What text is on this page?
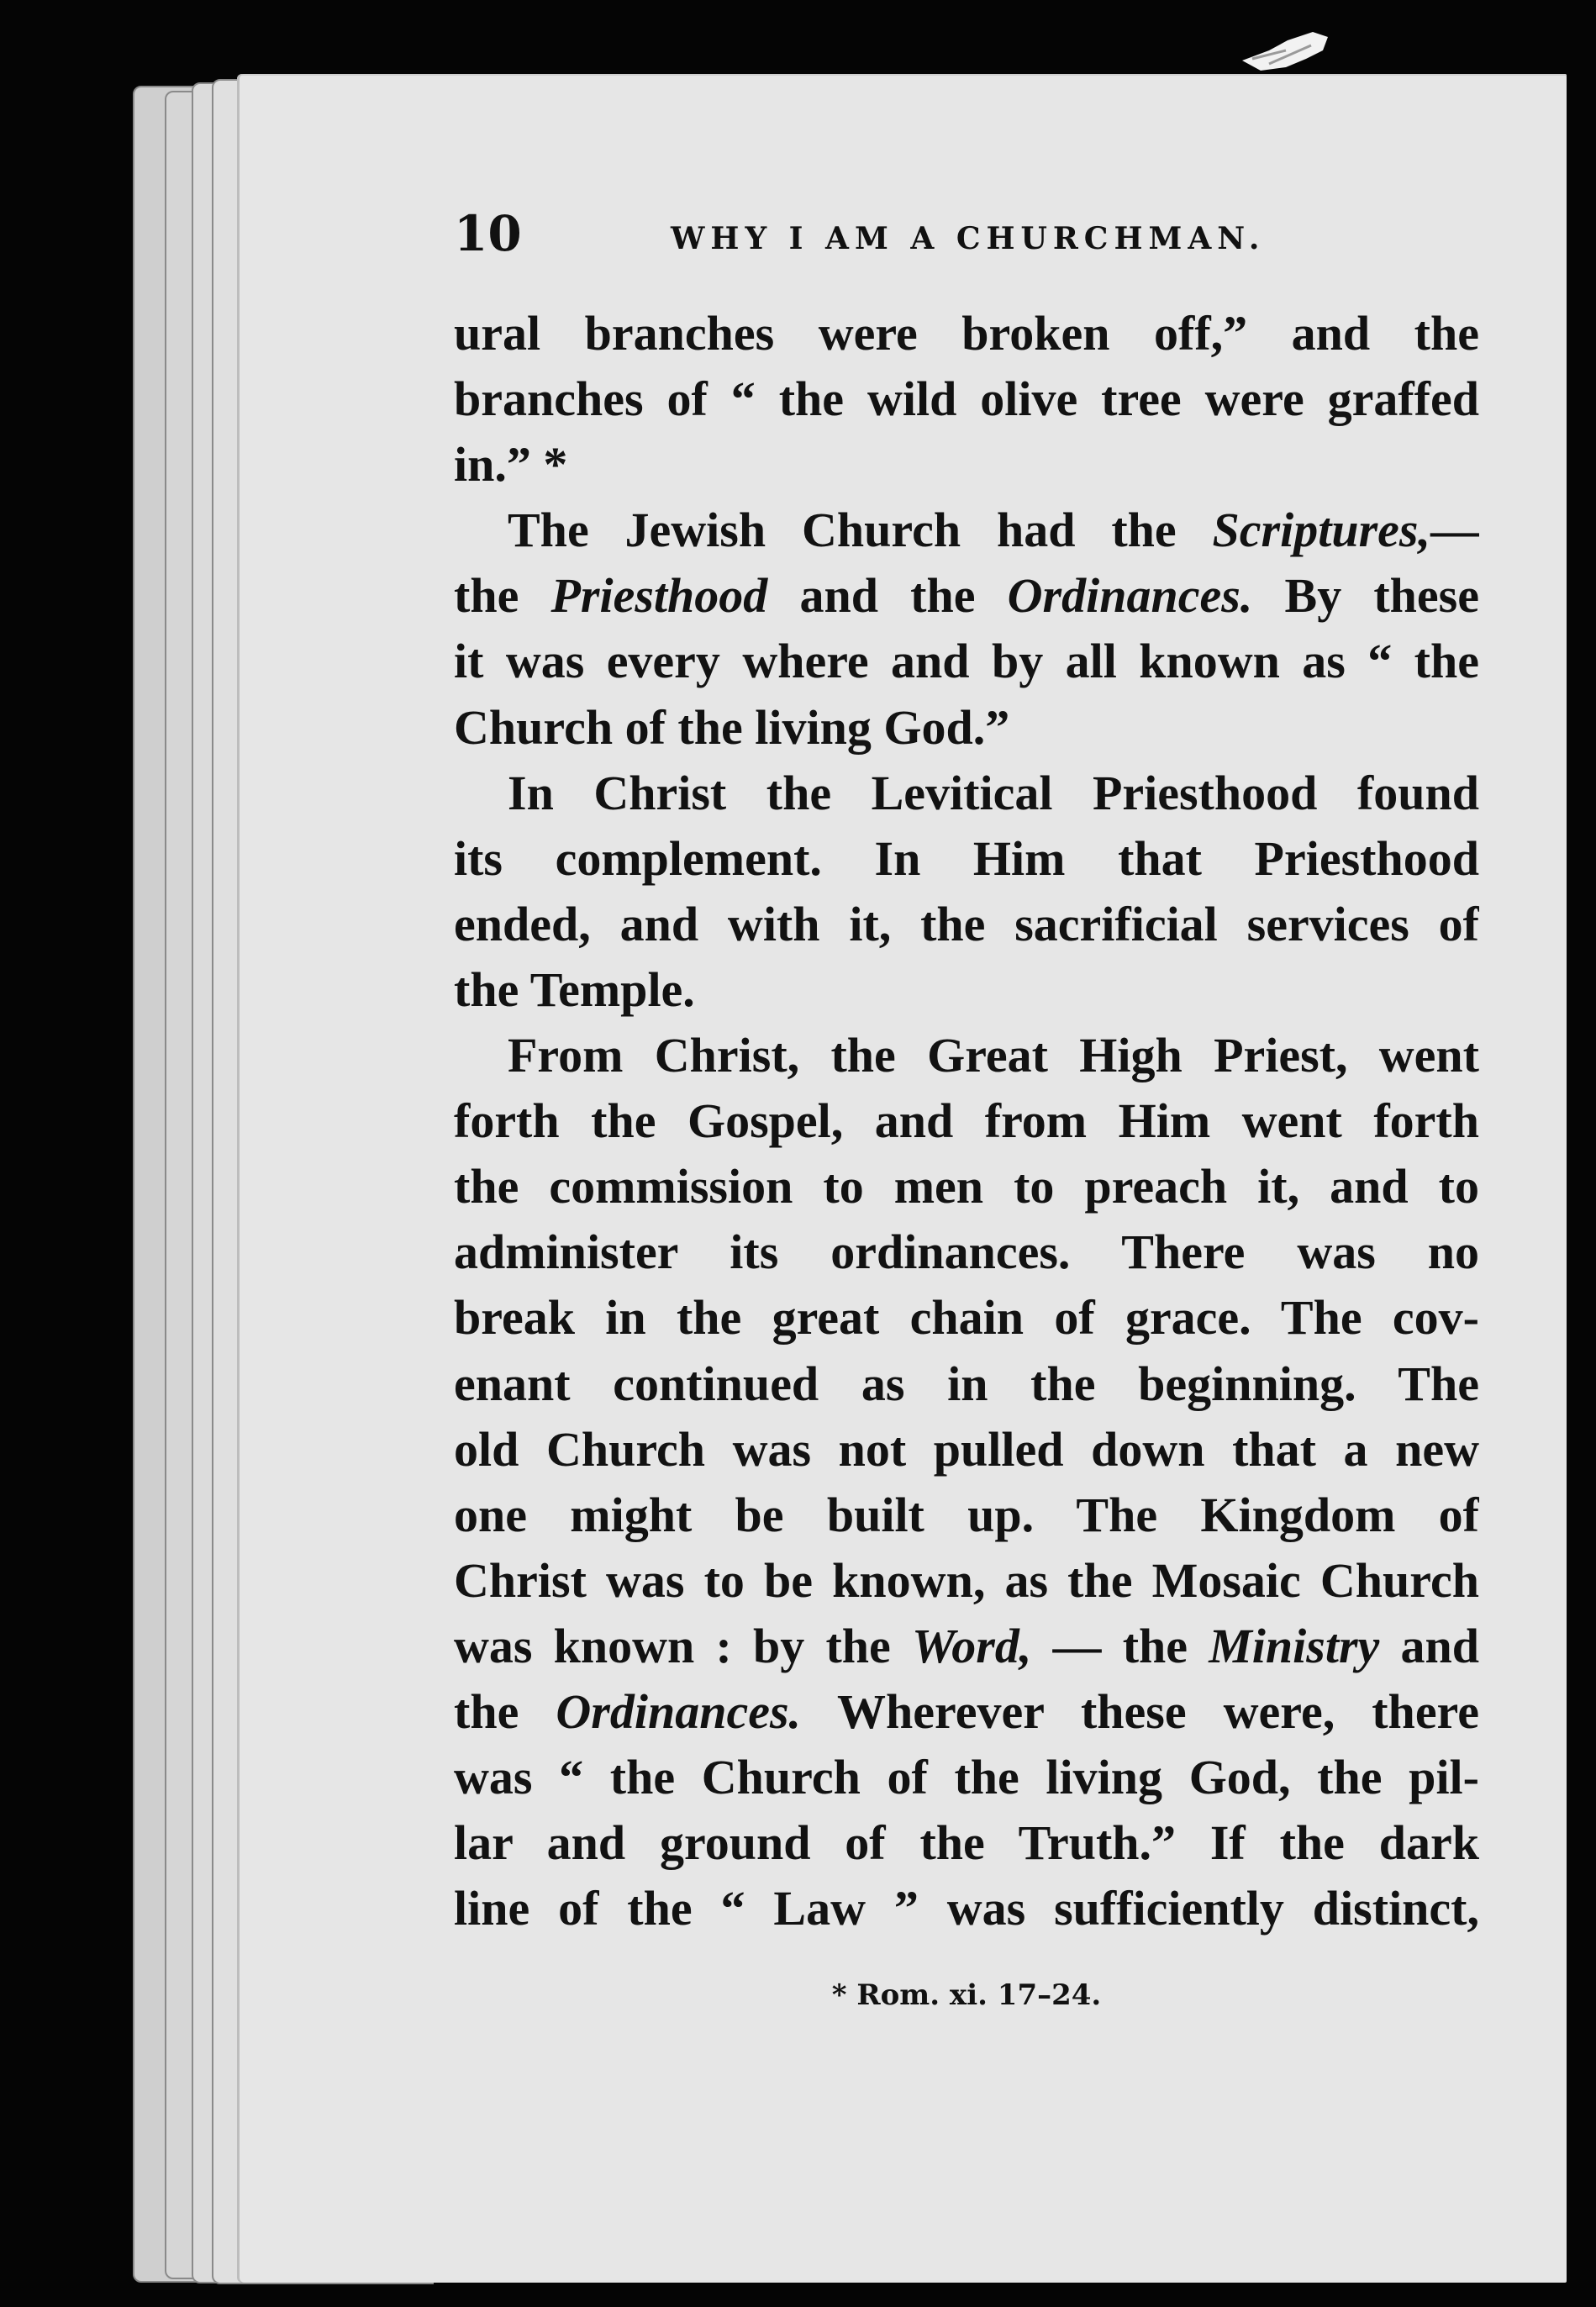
10	WHY I AM A CHURCHMAN.
ural branches were broken off,” and the
branches of “ the wild olive tree were graffed
in.” *
The Jewish Church had the Scriptures,—
the Priesthood and the Ordinances. By these
it was every where and by all known as “ the
Church of the living God.”
In Christ the Levitical Priesthood found
its complement. In Him that Priesthood
ended, and with it, the sacrificial services of
the Temple.
From Christ, the Great High Priest, went
forth the Gospel, and from Him went forth
the commission to men to preach it, and to
administer its ordinances. There was no
break in the great chain of grace. The cov-
enant continued as in the beginning. The
old Church was not pulled down that a new
one might be built up. The Kingdom of
Christ was to be known, as the Mosaic Church
was known : by the Word, — the Ministry and
the Ordinances. Wherever these were, there
was “ the Church of the living God, the pil-
lar and ground of the Truth.” If the dark
line of the “ Law ” was sufficiently distinct,
* Rom. xi. 17–24.
